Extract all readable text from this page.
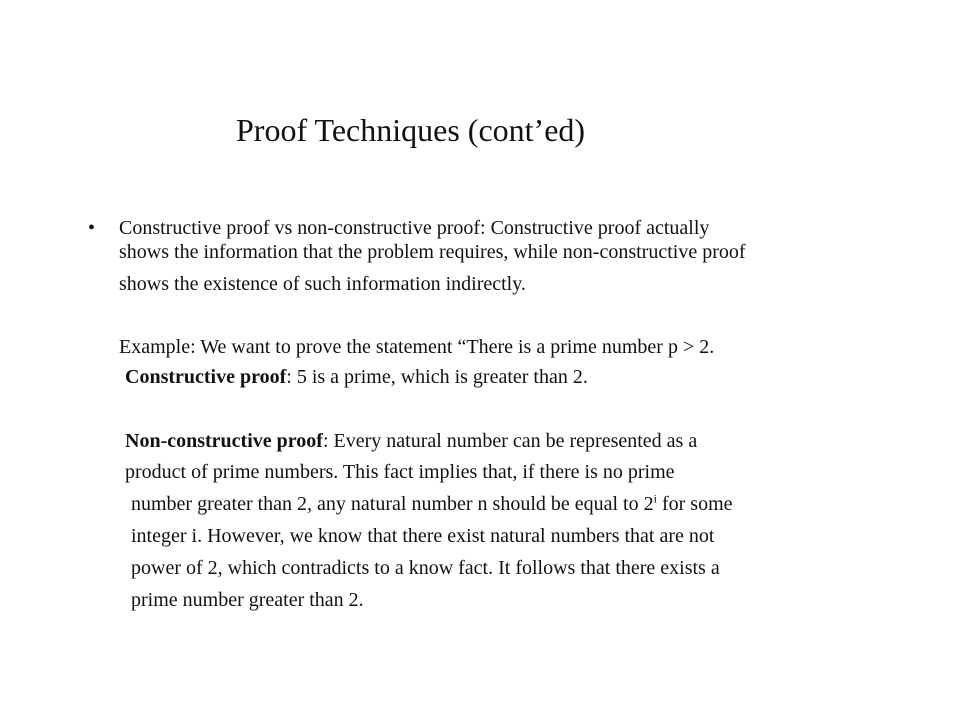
Proof Techniques (cont’ed)
• Constructive proof vs non-constructive proof: Constructive proof actually
shows the information that the problem requires, while non-constructive proof
shows the existence of such information indirectly.
Example: We want to prove the statement “There is a prime number p > 2.
Constructive proof: 5 is a prime, which is greater than 2.
Non-constructive proof: Every natural number can be represented as a
product of prime numbers. This fact implies that, if there is no prime
number greater than 2, any natural number n should be equal to 2$^i$ for some
integer i. However, we know that there exist natural numbers that are not
power of 2, which contradicts to a know fact. It follows that there exists a
prime number greater than 2.
